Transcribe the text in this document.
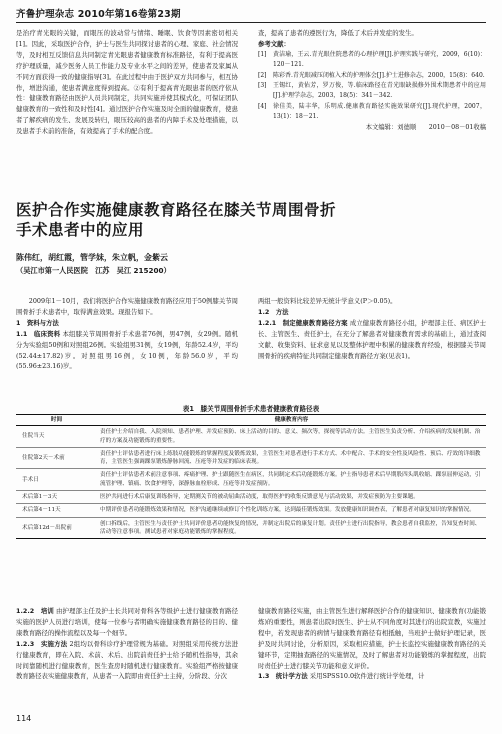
齐鲁护理杂志 2010年第16卷第23期

是治疗青光眼的关键，而眼压的波动常与情绪、睡眠、饮食等因素密切相关[1]。因此，采取医护合作，护士与医生共同探讨患者的心理、家庭、社会情况等，及时相互反馈信息共同制定青光眼患者健康教育标准路径，有利于提高医疗护理质量，减少医务人员工作能力及专业水平之间的差异，使患者及家属从不同方面获得一致的健康指导[3]。在此过程中由于医护双方共同参与，相互协作，增进沟通，使患者满意度得到提高。②有利于提高青光眼患者的医疗依从性：健康教育路径由医护人员共同制定，共同实施并使其模式化，可保证团队健康教育的一致性和及时性[4]。通过医护合作实施及时全面的健康教育，使患者了解疾病的发生、发展及转归，眼压较高的患者的内障手术及处理措施，以及患者手术前的准备，有效提高了手术的配合度。

查，提高了患者的遵医行为，降低了术后并发症的发生。

参考文献：

[1]	黄洁瑜，王云.青光眼住院患者的心理护理[J].护理实践与研究，2009，6(10)：120－121.
[2]	陈彩香.青光眼减压闭植入术的护理体会[J].护士进修杂志，2000，15(8)：640.
[3]	王锡红，黄佑芳，罗万俊，等.临床路径在青光眼缺损修外围术期患者中的应用[J].护理学杂志，2003，18(5)：341－342.
[4]	徐佳美，陆丰华，乐明成.健康教育路径实施效果研究[J].现代护理，2007，13(1)：18－21.

本文编辑：刘德顺　　2010－08－01收稿

医护合作实施健康教育路径在膝关节周围骨折
手术患者中的应用
陈伟红，胡红霞，管学妹，朱立帆，金紫云
（吴江市第一人民医院　江苏　吴江 215200）

2009年1－10月，我们将医护合作实施健康教育路径应用于50例膝关节周围骨折手术患者中，取得满意效果。现报告如下。

1　资料与方法

1.1　临床资料 本组膝关节周围骨折手术患者76例，男47例，女29例。随机分为实验组50例和对照组26例。实验组男31例，女19例，年龄52.4岁，平均(52.44±17.82)岁。对照组男16例，女10例，年龄56.0岁，平均(55.96±23.16)岁。

两组一般资料比较差异无统计学意义(P＞0.05)。

1.2　方法

1.2.1　制定健康教育路径方案 成立健康教育路径小组，护理部主任、病区护士长、主管医生、责任护士，在充分了解患者对健康教育需求的基础上，通过查阅文献、收集资料、征求意见以及整体护理中积累的健康教育经验，根据膝关节周围骨折的疾病特征共同制定健康教育路径方案(见表1)。

表1　膝关节周围骨折手术患者健康教育路径表
时间	健康教育内容
住院当天	责任护士介绍自我、入院须知、患者护理、并发症预防、床上活动的目的、意义、频次等，探视等活动方法。主管医生负责分析、介绍疾病的发展机制、治疗的方案及功能锻炼的重要性。
住院第2天－术前	责任护士评估患者进行床上练肢功能锻炼的掌握程度及锻炼效果，主管医生对患者进行手术方式、术中配合、手术的安全性及风险性、预后、疗效的详细教育，主管医生强调踝泵锻炼静脉回流、压疮等并发症的临床表现。
手术日	责任护士评估患者术前注意事项、疼痛护理、护士跟随医生在病区，共同制定术后功能锻炼方案。护士指导患者术后早期股四头肌收缩、踝泵屈伸运动，引流管护理、镇痛、饮食护理等，深静脉血栓形成、压疮等并发症预防。
术后第1－3天	医护共同进行术后康复训练指导，定期测关节的被动屈曲活动度，取得医护的收集反馈意见与活动效果，并发症预防为主要课题。
术后第4－11天	中期评价患者功能锻炼效果和情况，医护沟通继续或修订个性化训练方案，达到最佳锻炼效果。发放健康知识调查表，了解患者对康复知识的掌握情况。
术后第12d－出院前	创口拆线后，主管医生与责任护士共同评价患者功能恢复的情况，并制定出院后的康复计划。责任护士进行出院指导，教会患者自我监控，告知复查时间、活动等注意事项。测试患者对家庭功能锻炼的掌握程度。

1.2.2　培训 由护理部主任及护士长共同对骨科各等级护士进行健康教育路径实施的医护人员进行培训，使每一位参与者明确实施健康教育路径的目的、健康教育路径的操作流程以及每一个细节。

1.2.3　实施方法 2组均以骨科诊疗护理常规为基础。对照组采用传统方法进行健康教育，即在入院、术前、术后、出院前责任护士给予随机性指导，其余时间靠随机进行健康教育，医生查房时随机进行健康教育。实验组严格按健康教育路径表实施健康教育，从患者一入院即由责任护士主持，分阶段、分次

健康教育路径实施，由主管医生进行解释医护合作的健康知识、健康教育(功能锻炼)的重要性，则患者出院时医生、护士从不同角度对其进行的出院宣教，实施过程中，若发现患者的病情与健康教育路径有相抵触，当班护士做好护理记录，医护及时共同讨论，分析原因，采取相应措施，护士长监控实施健康教育路径的关键环节，定期抽查路径的实施情况，及时了解患者对功能锻炼的掌握程度，出院时责任护士进行膝关节功能和意义评价。

1.3　统计学方法 采用SPSS10.0软件进行统计学处理，计

114
